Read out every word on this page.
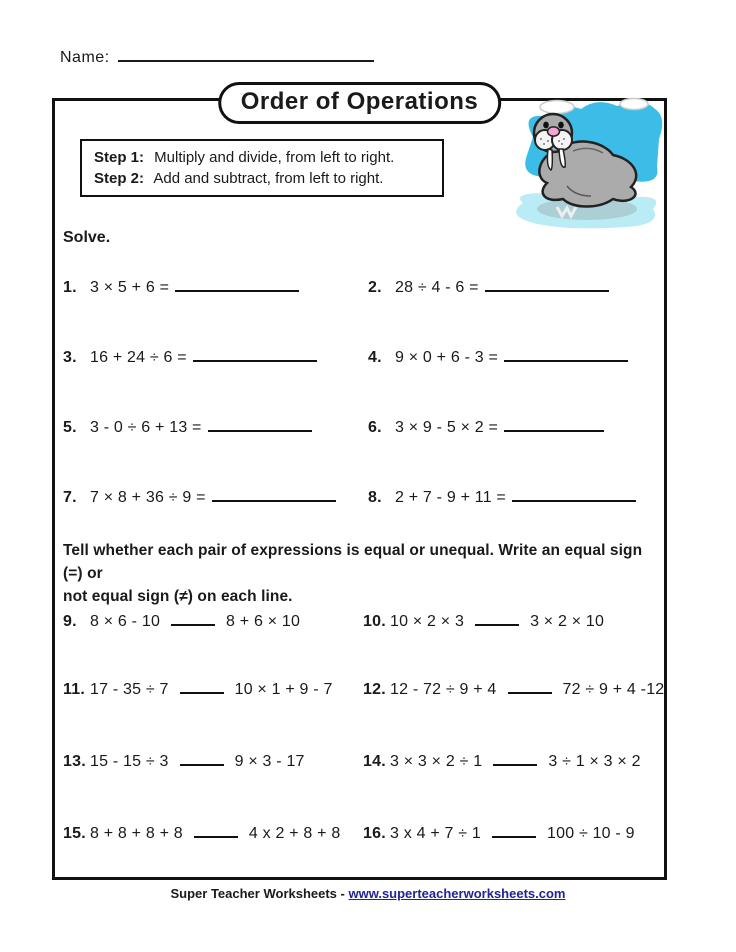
Name:
Order of Operations
Step 1: Multiply and divide, from left to right.
Step 2: Add and subtract, from left to right.
Solve.
1. 3 × 5 + 6 =	2. 28 ÷ 4 - 6 =
3. 16 + 24 ÷ 6 =	4. 9 × 0 + 6 - 3 =
5. 3 - 0 ÷ 6 + 13 =	6. 3 × 9 - 5 × 2 =
7. 7 × 8 + 36 ÷ 9 =	8. 2 + 7 - 9 + 11 =
Tell whether each pair of expressions is equal or unequal. Write an equal sign (=) or
not equal sign (≠) on each line.
9. 8 × 6 - 10	8 + 6 × 10	10. 10 × 2 × 3	3 × 2 × 10
11. 17 - 35 ÷ 7	10 × 1 + 9 - 7 12. 12 - 72 ÷ 9 + 4	72 ÷ 9 + 4 -12
13. 15 - 15 ÷ 3	9 × 3 - 17	14. 3 × 3 × 2 ÷ 1	3 ÷ 1 × 3 × 2
15. 8 + 8 + 8 + 8	4 x 2 + 8 + 8 16. 3 x 4 + 7 ÷ 1	100 ÷ 10 - 9
Super Teacher Worksheets - www.superteacherworksheets.com
